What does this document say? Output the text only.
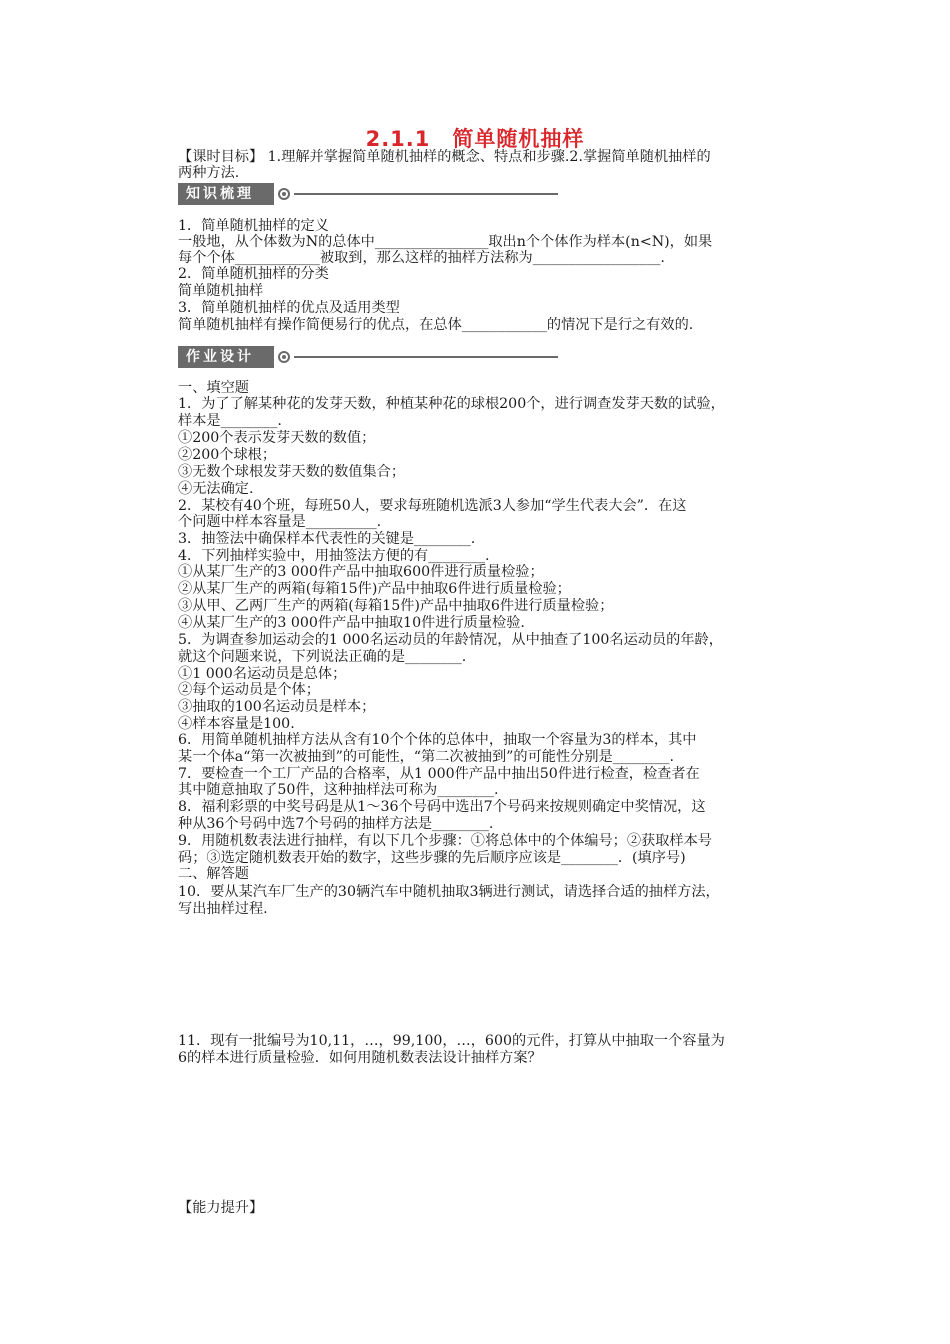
2.1.1　简单随机抽样
【课时目标】 1.理解并掌握简单随机抽样的概念、特点和步骤.2.掌握简单随机抽样的
两种方法.
知识梳理
1．简单随机抽样的定义
一般地，从个体数为N的总体中________________取出n个个体作为样本(n<N)，如果
每个个体____________被取到，那么这样的抽样方法称为__________________.
2．简单随机抽样的分类
简单随机抽样
3．简单随机抽样的优点及适用类型
简单随机抽样有操作简便易行的优点，在总体____________的情况下是行之有效的.
作业设计
一、填空题
1．为了了解某种花的发芽天数，种植某种花的球根200个，进行调查发芽天数的试验，
样本是________.
①200个表示发芽天数的数值；
②200个球根；
③无数个球根发芽天数的数值集合；
④无法确定.
2．某校有40个班，每班50人，要求每班随机选派3人参加“学生代表大会”．在这
个问题中样本容量是__________.
3．抽签法中确保样本代表性的关键是________.
4．下列抽样实验中，用抽签法方便的有________.
①从某厂生产的3 000件产品中抽取600件进行质量检验；
②从某厂生产的两箱(每箱15件)产品中抽取6件进行质量检验；
③从甲、乙两厂生产的两箱(每箱15件)产品中抽取6件进行质量检验；
④从某厂生产的3 000件产品中抽取10件进行质量检验.
5．为调查参加运动会的1 000名运动员的年龄情况，从中抽查了100名运动员的年龄，
就这个问题来说，下列说法正确的是________.
①1 000名运动员是总体；
②每个运动员是个体；
③抽取的100名运动员是样本；
④样本容量是100.
6．用简单随机抽样方法从含有10个个体的总体中，抽取一个容量为3的样本，其中
某一个体a“第一次被抽到”的可能性，“第二次被抽到”的可能性分别是________.
7．要检查一个工厂产品的合格率，从1 000件产品中抽出50件进行检查，检查者在
其中随意抽取了50件，这种抽样法可称为________.
8．福利彩票的中奖号码是从1～36个号码中选出7个号码来按规则确定中奖情况，这
种从36个号码中选7个号码的抽样方法是________.
9．用随机数表法进行抽样，有以下几个步骤：①将总体中的个体编号；②获取样本号
码；③选定随机数表开始的数字，这些步骤的先后顺序应该是________．(填序号)
二、解答题
10．要从某汽车厂生产的30辆汽车中随机抽取3辆进行测试，请选择合适的抽样方法，
写出抽样过程.
11．现有一批编号为10,11，…，99,100，…，600的元件，打算从中抽取一个容量为
6的样本进行质量检验．如何用随机数表法设计抽样方案？
【能力提升】
